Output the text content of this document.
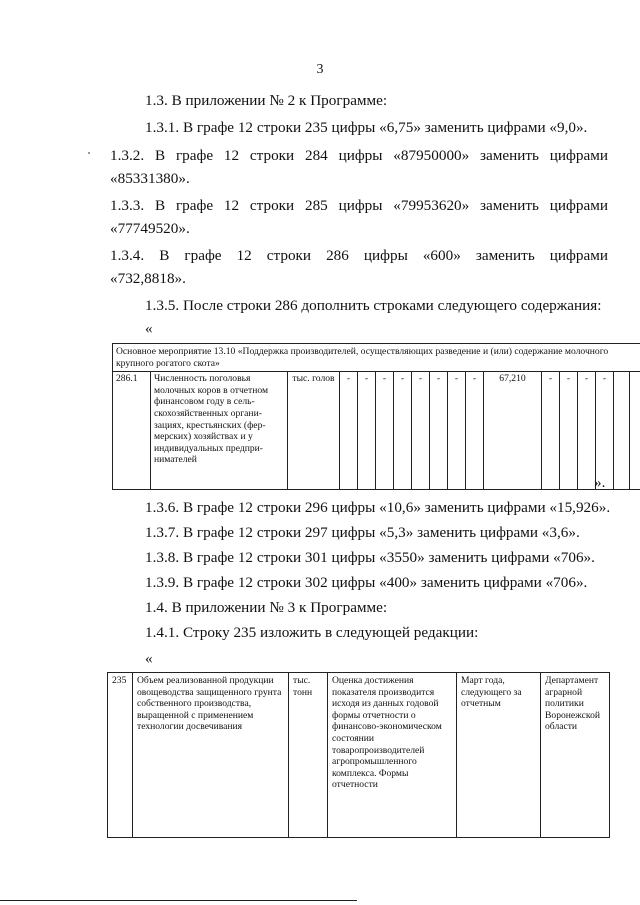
3
1.3. В приложении № 2 к Программе:
1.3.1. В графе 12 строки 235 цифры «6,75» заменить цифрами «9,0».
1.3.2. В графе 12 строки 284 цифры «87950000» заменить цифрами
«85331380».
1.3.3. В графе 12 строки 285 цифры «79953620» заменить цифрами
«77749520».
1.3.4. В графе 12 строки 286 цифры «600» заменить цифрами
«732,8818».
1.3.5. После строки 286 дополнить строками следующего содержания:
«
Основное мероприятие 13.10 «Поддержка производителей, осуществляющих разведение и (или) содержание молочного крупного рогатого скота»
286.1	Численность поголовья молочных коров в отчетном финансовом году в сель-скохозяйственных органи-зациях, крестьянских (фер-мерских) хозяйствах и у индивидуальных предпри-нимателей	тыс. голов	-	-	-	-	-	-	-	-	67,210	-	-	-	-		
».
1.3.6. В графе 12 строки 296 цифры «10,6» заменить цифрами «15,926».
1.3.7. В графе 12 строки 297 цифры «5,3» заменить цифрами «3,6».
1.3.8. В графе 12 строки 301 цифры «3550» заменить цифрами «706».
1.3.9. В графе 12 строки 302 цифры «400» заменить цифрами «706».
1.4. В приложении № 3 к Программе:
1.4.1. Строку 235 изложить в следующей редакции:
«
235	Объем реализованной продукции овощеводства защищенного грунта собственного производства, выращенной с применением технологии досвечивания	тыс. тонн	Оценка достижения показателя производится исходя из данных годовой формы отчетности о финансово-экономическом состоянии товаропроизводителей агропромышленного комплекса. Формы отчетности	Март года, следующего за отчетным	Департамент аграрной политики Воронежской области
